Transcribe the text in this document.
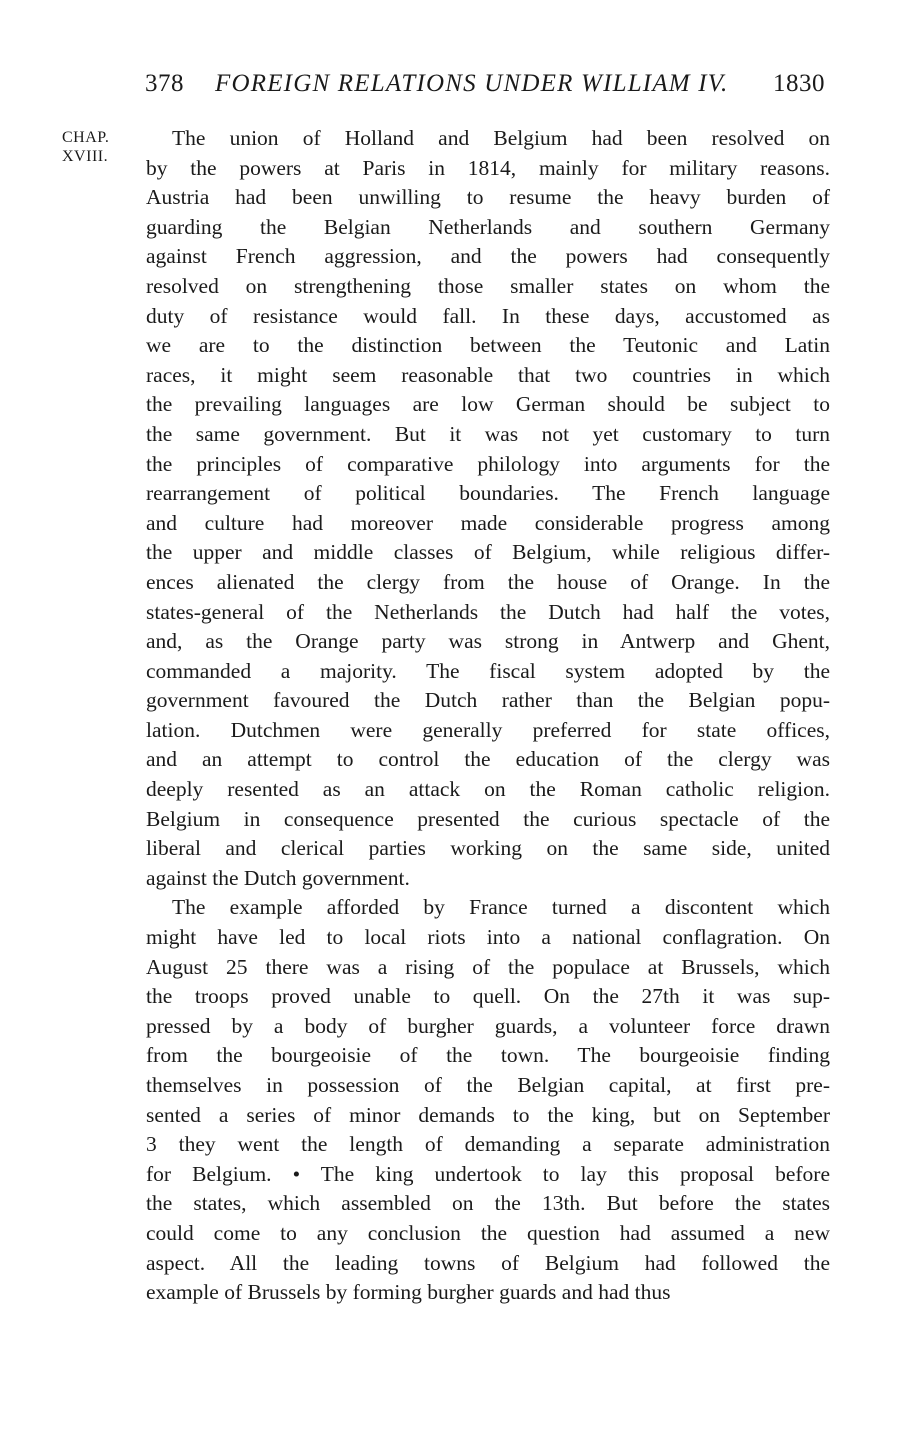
378 FOREIGN RELATIONS UNDER WILLIAM IV. 1830
CHAP.
XVIII.
The union of Holland and Belgium had been resolved on
by the powers at Paris in 1814, mainly for military reasons.
Austria had been unwilling to resume the heavy burden of
guarding the Belgian Netherlands and southern Germany
against French aggression, and the powers had consequently
resolved on strengthening those smaller states on whom the
duty of resistance would fall. In these days, accustomed as
we are to the distinction between the Teutonic and Latin
races, it might seem reasonable that two countries in which
the prevailing languages are low German should be subject to
the same government. But it was not yet customary to turn
the principles of comparative philology into arguments for the
rearrangement of political boundaries. The French language
and culture had moreover made considerable progress among
the upper and middle classes of Belgium, while religious differ-
ences alienated the clergy from the house of Orange. In the
states-general of the Netherlands the Dutch had half the votes,
and, as the Orange party was strong in Antwerp and Ghent,
commanded a majority. The fiscal system adopted by the
government favoured the Dutch rather than the Belgian popu-
lation. Dutchmen were generally preferred for state offices,
and an attempt to control the education of the clergy was
deeply resented as an attack on the Roman catholic religion.
Belgium in consequence presented the curious spectacle of the
liberal and clerical parties working on the same side, united
against the Dutch government.
The example afforded by France turned a discontent which
might have led to local riots into a national conflagration. On
August 25 there was a rising of the populace at Brussels, which
the troops proved unable to quell. On the 27th it was sup-
pressed by a body of burgher guards, a volunteer force drawn
from the bourgeoisie of the town. The bourgeoisie finding
themselves in possession of the Belgian capital, at first pre-
sented a series of minor demands to the king, but on September
3 they went the length of demanding a separate administration
for Belgium. • The king undertook to lay this proposal before
the states, which assembled on the 13th. But before the states
could come to any conclusion the question had assumed a new
aspect. All the leading towns of Belgium had followed the
example of Brussels by forming burgher guards and had thus
